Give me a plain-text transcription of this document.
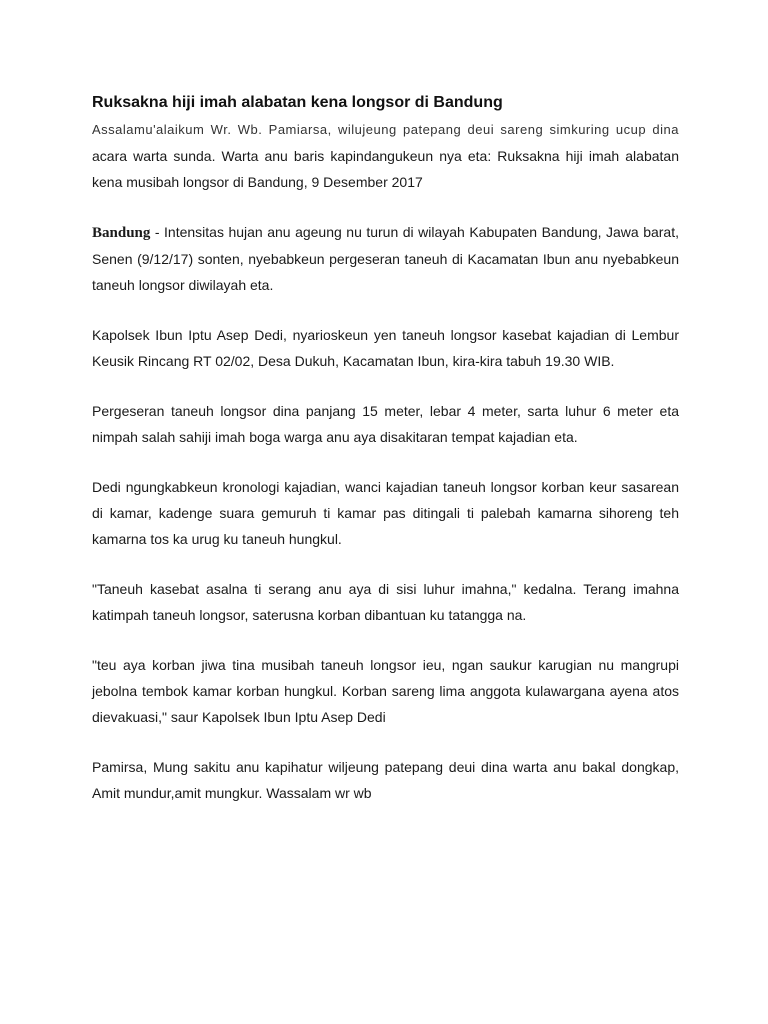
Ruksakna hiji imah alabatan kena longsor di Bandung

Assalamu'alaikum Wr. Wb. Pamiarsa, wilujeung patepang deui sareng simkuring ucup dina acara warta sunda. Warta anu baris kapindangukeun nya eta: Ruksakna hiji imah alabatan kena musibah longsor di Bandung, 9 Desember 2017

Bandung - Intensitas hujan anu ageung nu turun di wilayah Kabupaten Bandung, Jawa barat, Senen (9/12/17) sonten, nyebabkeun pergeseran taneuh di Kacamatan Ibun anu nyebabkeun taneuh longsor diwilayah eta.

Kapolsek Ibun Iptu Asep Dedi, nyarioskeun yen taneuh longsor kasebat kajadian di Lembur Keusik Rincang RT 02/02, Desa Dukuh, Kacamatan Ibun, kira-kira tabuh 19.30 WIB.

Pergeseran taneuh longsor dina panjang 15 meter, lebar 4 meter, sarta luhur 6 meter eta nimpah salah sahiji imah boga warga anu aya disakitaran tempat kajadian eta.

Dedi ngungkabkeun kronologi kajadian, wanci kajadian taneuh longsor korban keur sasarean di kamar, kadenge suara gemuruh ti kamar pas ditingali ti palebah kamarna sihoreng teh kamarna tos ka urug ku taneuh hungkul.

"Taneuh kasebat asalna ti serang anu aya di sisi luhur imahna," kedalna. Terang imahna katimpah taneuh longsor, saterusna korban dibantuan ku tatangga na.

"teu aya korban jiwa tina musibah taneuh longsor ieu, ngan saukur karugian nu mangrupi jebolna tembok kamar korban hungkul. Korban sareng lima anggota kulawargana ayena atos dievakuasi," saur Kapolsek Ibun Iptu Asep Dedi

Pamirsa, Mung sakitu anu kapihatur wiljeung patepang deui dina warta anu bakal dongkap, Amit mundur,amit mungkur. Wassalam wr wb
